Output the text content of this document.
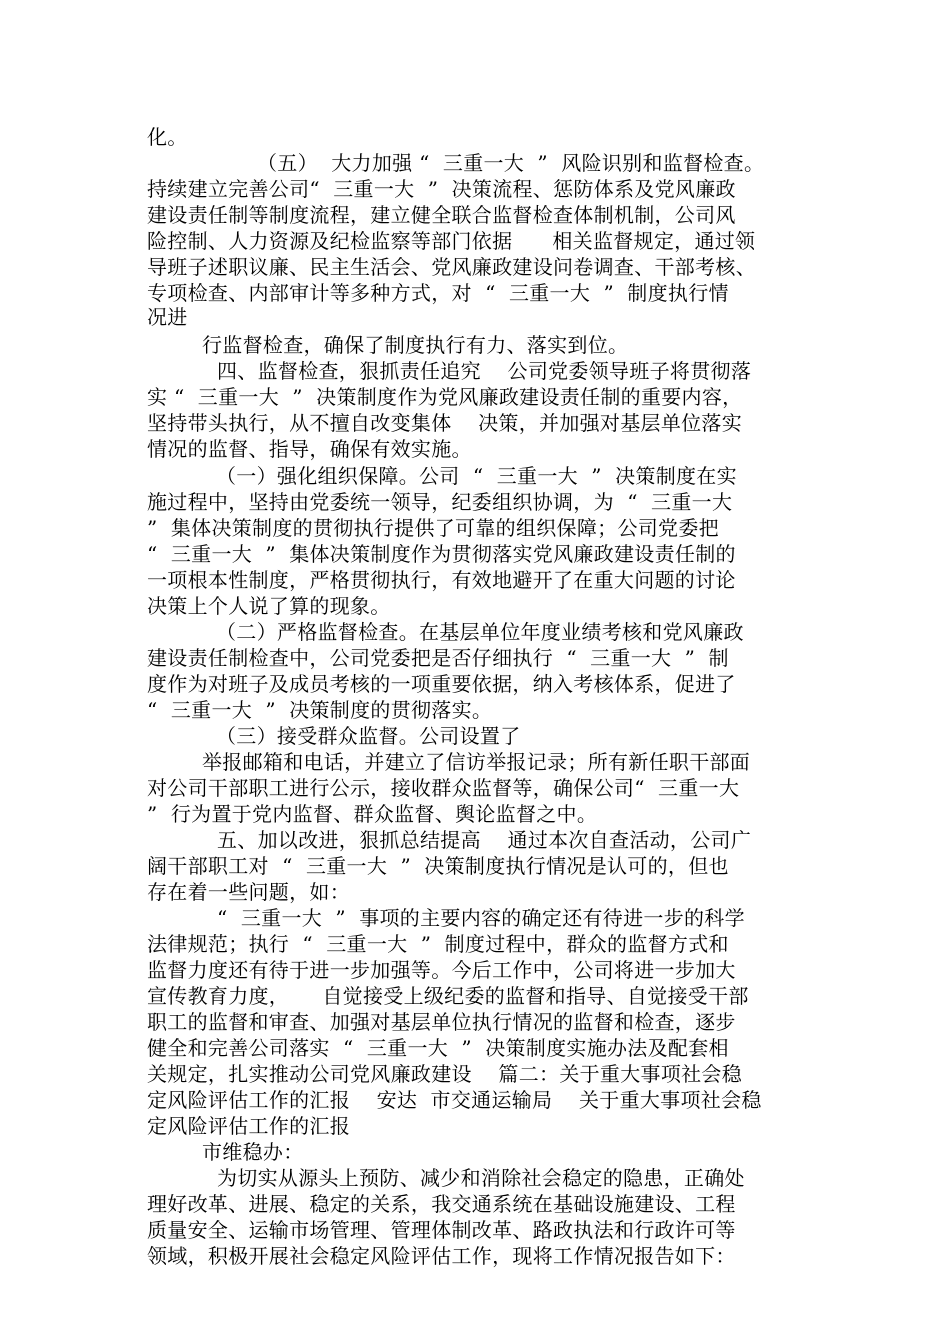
化。
（五）  大力加强 “  三重一大  ”  风险识别和监督检查。
持续建立完善公司“  三重一大  ”  决策流程、惩防体系及党风廉政
建设责任制等制度流程，建立健全联合监督检查体制机制，公司风
险控制、人力资源及纪检监察等部门依据      相关监督规定，通过领
导班子述职议廉、民主生活会、党风廉政建设问卷调查、干部考核、
专项检查、内部审计等多种方式，对  “  三重一大  ”  制度执行情
况进
行监督检查，确保了制度执行有力、落实到位。
四、监督检查，狠抓责任追究    公司党委领导班子将贯彻落
实 “  三重一大  ”  决策制度作为党风廉政建设责任制的重要内容，
坚持带头执行，从不擅自改变集体    决策，并加强对基层单位落实
情况的监督、指导，确保有效实施。
（一）强化组织保障。公司  “  三重一大  ”  决策制度在实
施过程中，坚持由党委统一领导，纪委组织协调，为  “  三重一大
”  集体决策制度的贯彻执行提供了可靠的组织保障；公司党委把
“  三重一大  ”  集体决策制度作为贯彻落实党风廉政建设责任制的
一项根本性制度，严格贯彻执行，有效地避开了在重大问题的讨论
决策上个人说了算的现象。
（二）严格监督检查。在基层单位年度业绩考核和党风廉政
建设责任制检查中，公司党委把是否仔细执行  “  三重一大  ”  制
度作为对班子及成员考核的一项重要依据，纳入考核体系，促进了
“  三重一大  ”  决策制度的贯彻落实。
（三）接受群众监督。公司设置了
举报邮箱和电话，并建立了信访举报记录；所有新任职干部面
对公司干部职工进行公示，接收群众监督等，确保公司“  三重一大
”  行为置于党内监督、群众监督、舆论监督之中。
五、加以改进，狠抓总结提高    通过本次自查活动，公司广
阔干部职工对  “  三重一大  ”  决策制度执行情况是认可的，但也
存在着一些问题，如：
“  三重一大  ”  事项的主要内容的确定还有待进一步的科学
法律规范；执行  “  三重一大  ”  制度过程中，群众的监督方式和
监督力度还有待于进一步加强等。今后工作中，公司将进一步加大
宣传教育力度，     自觉接受上级纪委的监督和指导、自觉接受干部
职工的监督和审查、加强对基层单位执行情况的监督和检查，逐步
健全和完善公司落实  “  三重一大  ”  决策制度实施办法及配套相
关规定，扎实推动公司党风廉政建设    篇二：关于重大事项社会稳
定风险评估工作的汇报    安达  市交通运输局    关于重大事项社会稳
定风险评估工作的汇报
市维稳办：
为切实从源头上预防、减少和消除社会稳定的隐患，正确处
理好改革、进展、稳定的关系，我交通系统在基础设施建设、工程
质量安全、运输市场管理、管理体制改革、路政执法和行政许可等
领域，积极开展社会稳定风险评估工作，现将工作情况报告如下：
